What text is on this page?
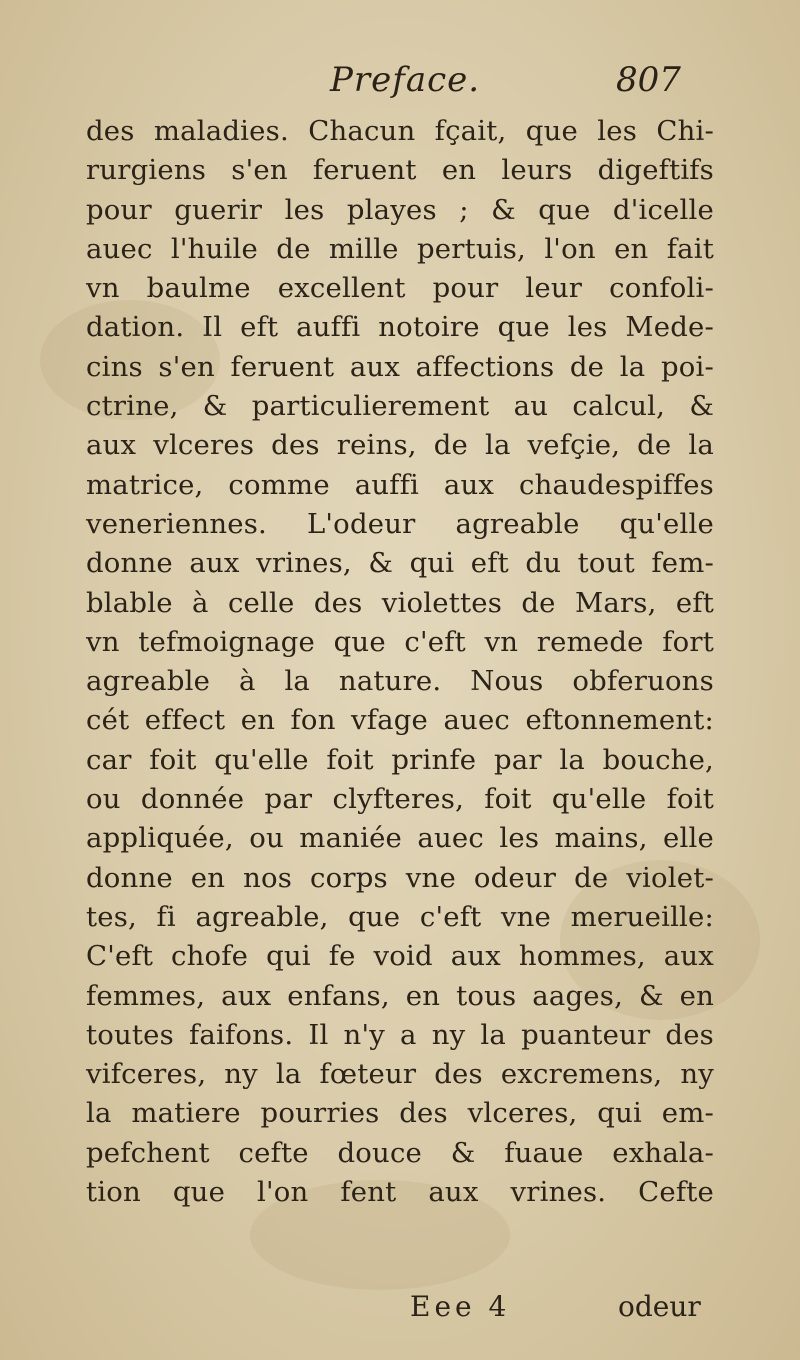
Preface.	807
des maladies. Chacun fçait, que les Chi-
rurgiens s'en feruent en leurs digeftifs
pour guerir les playes ; & que d'icelle
auec l'huile de mille pertuis, l'on en fait
vn baulme excellent pour leur confoli-
dation. Il eft auffi notoire que les Mede-
cins s'en feruent aux affections de la poi-
ctrine, & particulierement au calcul, &
aux vlceres des reins, de la vefçie, de la
matrice, comme auffi aux chaudespiffes
veneriennes. L'odeur agreable qu'elle
donne aux vrines, & qui eft du tout fem-
blable à celle des violettes de Mars, eft
vn tefmoignage que c'eft vn remede fort
agreable à la nature. Nous obferuons
cét effect en fon vfage auec eftonnement:
car foit qu'elle foit prinfe par la bouche,
ou donnée par clyfteres, foit qu'elle foit
appliquée, ou maniée auec les mains, elle
donne en nos corps vne odeur de violet-
tes, fi agreable, que c'eft vne merueille:
C'eft chofe qui fe void aux hommes, aux
femmes, aux enfans, en tous aages, & en
toutes faifons. Il n'y a ny la puanteur des
vifceres, ny la fœteur des excremens, ny
la matiere pourries des vlceres, qui em-
pefchent cefte douce & fuaue exhala-
tion que l'on fent aux vrines. Cefte
Eee 4	odeur
